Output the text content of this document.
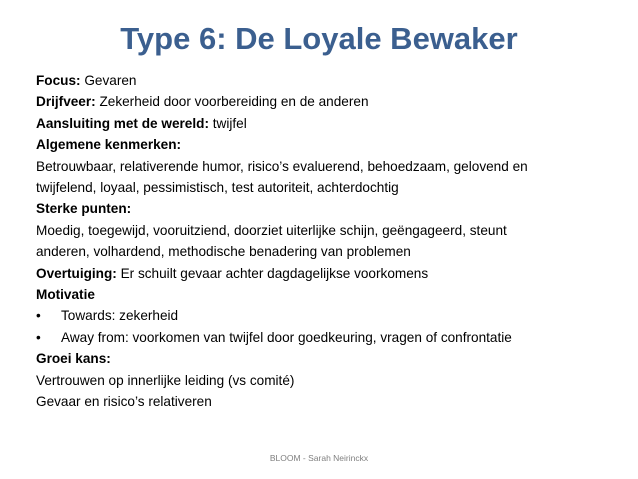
Type 6: De Loyale Bewaker
Focus: Gevaren
Drijfveer: Zekerheid door voorbereiding en de anderen
Aansluiting met de wereld: twijfel
Algemene kenmerken:
Betrouwbaar, relativerende humor, risico’s evaluerend, behoedzaam, gelovend en
twijfelend, loyaal, pessimistisch, test autoriteit, achterdochtig
Sterke punten:
Moedig, toegewijd, vooruitziend, doorziet uiterlijke schijn, geëngageerd, steunt
anderen, volhardend, methodische benadering van problemen
Overtuiging: Er schuilt gevaar achter dagdagelijkse voorkomens
Motivatie
•	Towards: zekerheid
•	Away from: voorkomen van twijfel door goedkeuring, vragen of confrontatie
Groei kans:
Vertrouwen op innerlijke leiding (vs comité)
Gevaar en risico’s relativeren
BLOOM - Sarah Neirinckx
